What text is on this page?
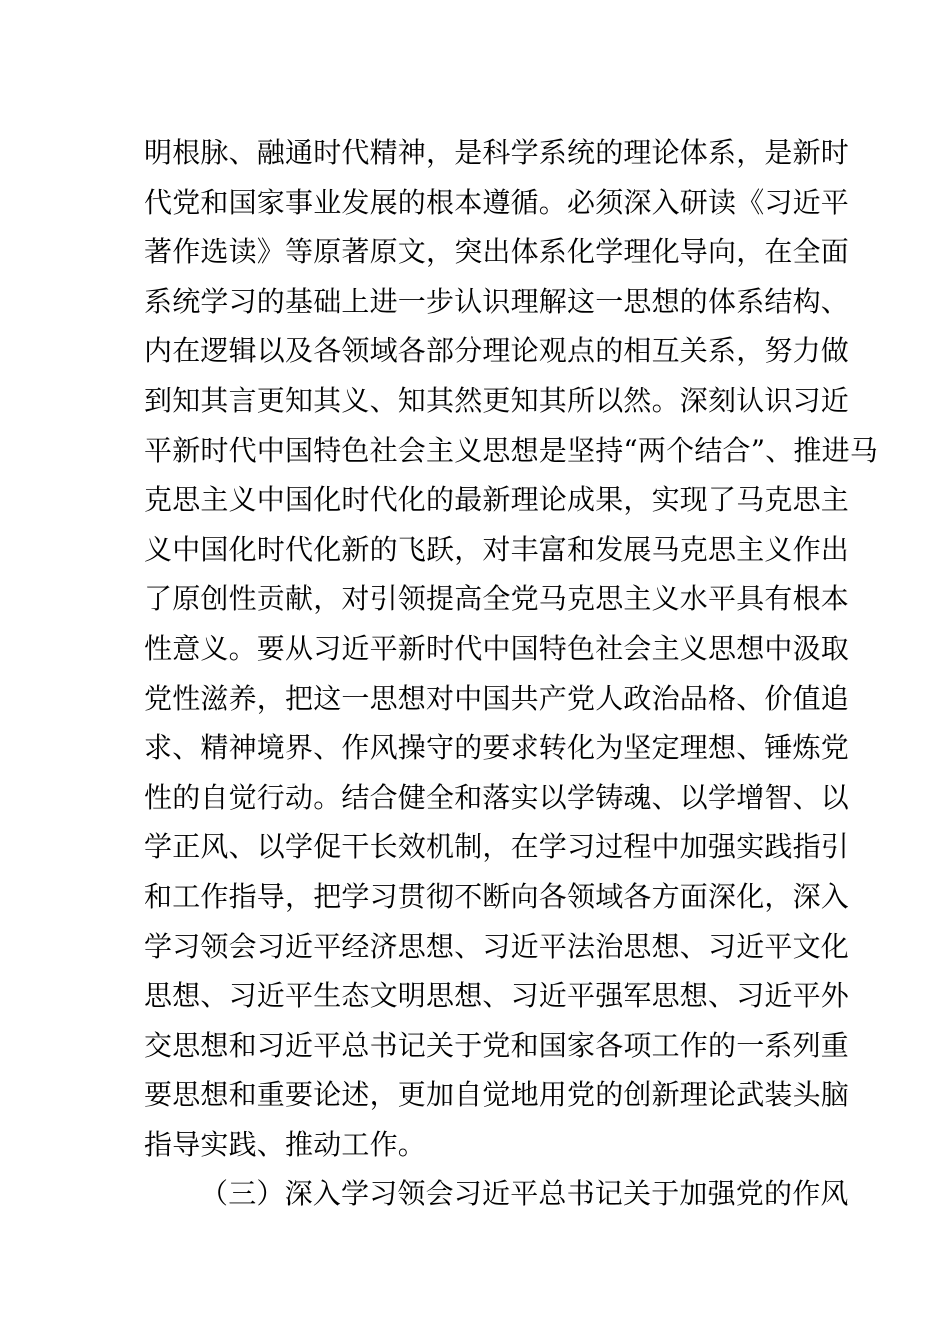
明根脉、融通时代精神，是科学系统的理论体系，是新时
代党和国家事业发展的根本遵循。必须深入研读《习近平
著作选读》等原著原文，突出体系化学理化导向，在全面
系统学习的基础上进一步认识理解这一思想的体系结构、
内在逻辑以及各领域各部分理论观点的相互关系，努力做
到知其言更知其义、知其然更知其所以然。深刻认识习近
平新时代中国特色社会主义思想是坚持“两个结合”、推进马
克思主义中国化时代化的最新理论成果，实现了马克思主
义中国化时代化新的飞跃，对丰富和发展马克思主义作出
了原创性贡献，对引领提高全党马克思主义水平具有根本
性意义。要从习近平新时代中国特色社会主义思想中汲取
党性滋养，把这一思想对中国共产党人政治品格、价值追
求、精神境界、作风操守的要求转化为坚定理想、锤炼党
性的自觉行动。结合健全和落实以学铸魂、以学增智、以
学正风、以学促干长效机制，在学习过程中加强实践指引
和工作指导，把学习贯彻不断向各领域各方面深化，深入
学习领会习近平经济思想、习近平法治思想、习近平文化
思想、习近平生态文明思想、习近平强军思想、习近平外
交思想和习近平总书记关于党和国家各项工作的一系列重
要思想和重要论述，更加自觉地用党的创新理论武装头脑
指导实践、推动工作。
（三）深入学习领会习近平总书记关于加强党的作风
